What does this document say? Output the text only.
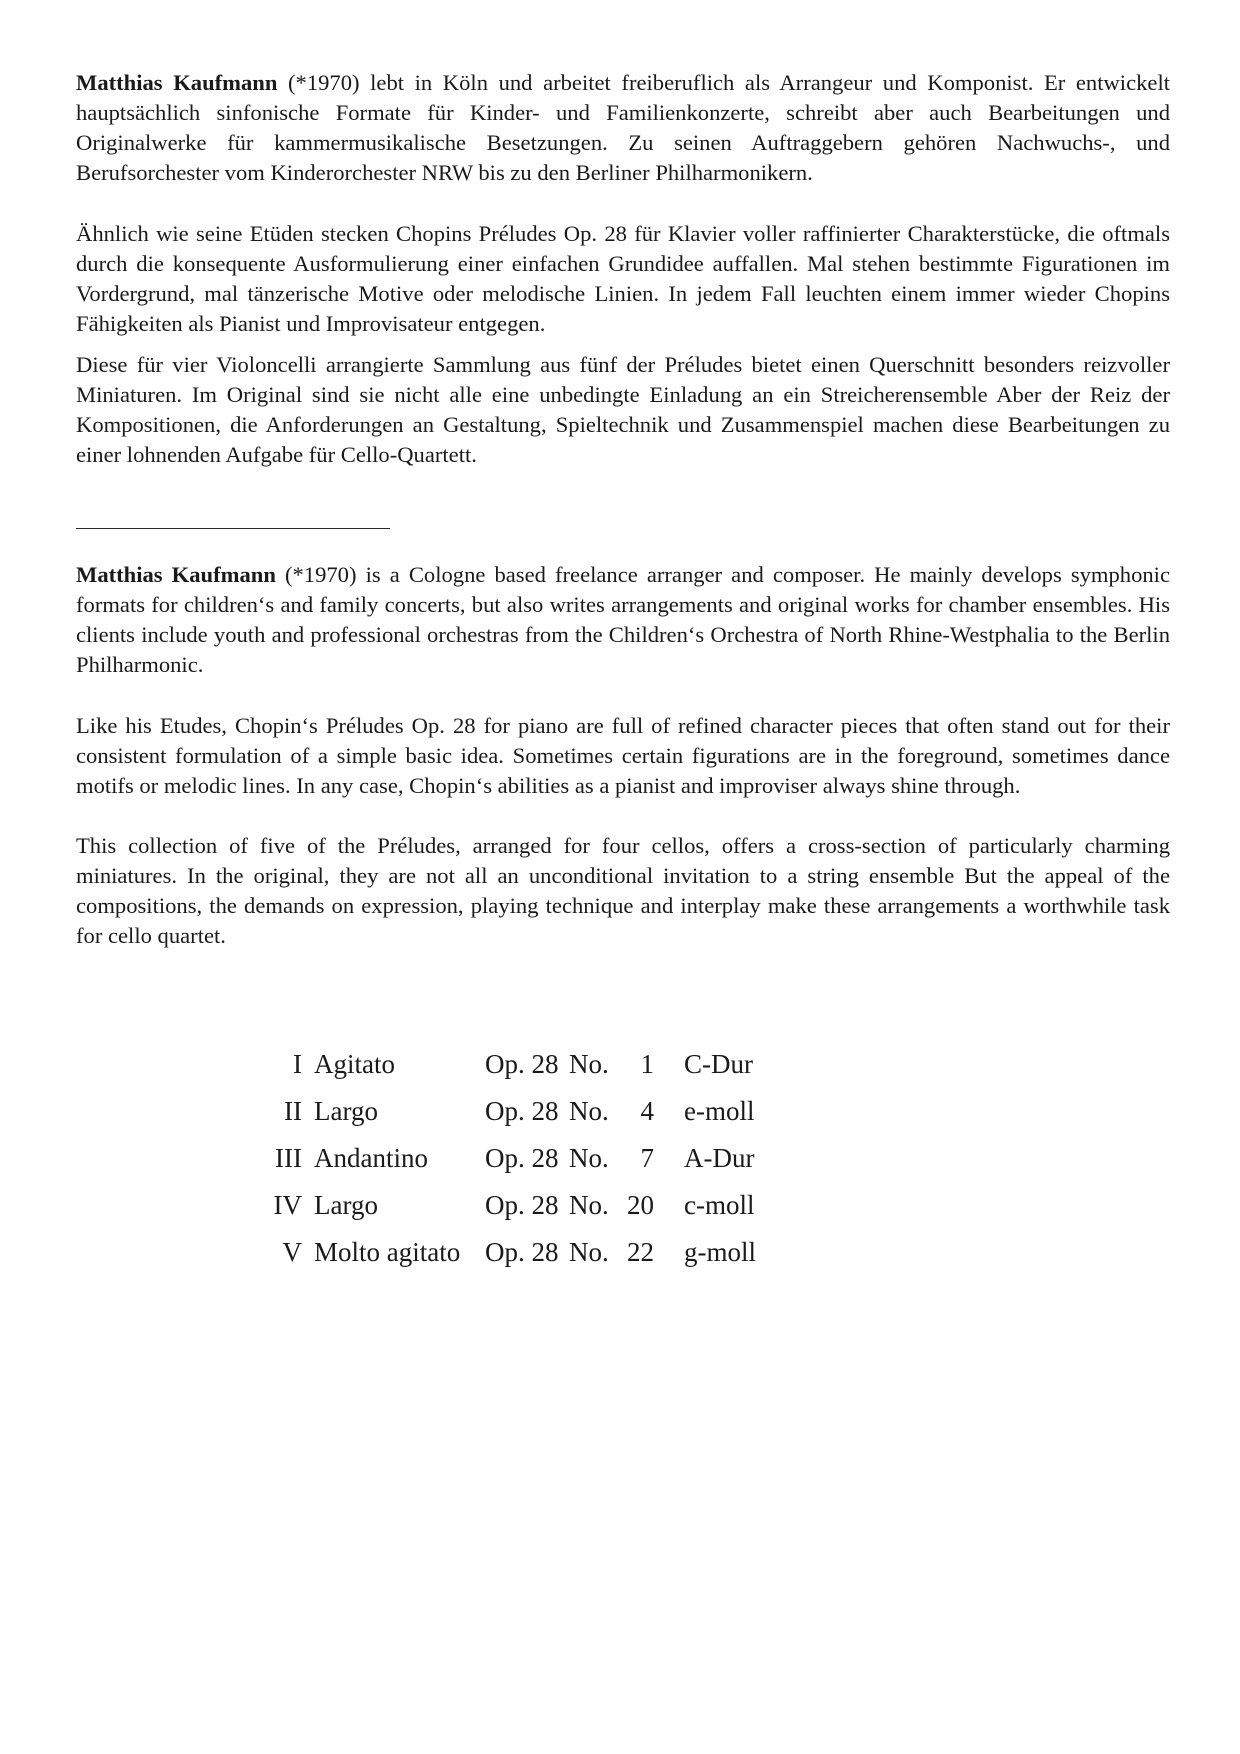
Matthias Kaufmann (*1970) lebt in Köln und arbeitet freiberuflich als Arrangeur und Komponist. Er entwickelt hauptsächlich sinfonische Formate für Kinder- und Familienkonzerte, schreibt aber auch Bearbeitungen und Originalwerke für kammermusikalische Besetzungen. Zu seinen Auftraggebern gehören Nachwuchs-, und Berufsorchester vom Kinderorchester NRW bis zu den Berliner Philharmonikern.

Ähnlich wie seine Etüden stecken Chopins Préludes Op. 28 für Klavier voller raffinierter Charakterstücke, die oftmals durch die konsequente Ausformulierung einer einfachen Grundidee auffallen. Mal stehen bestimmte Figurationen im Vordergrund, mal tänzerische Motive oder melodische Linien. In jedem Fall leuchten einem immer wieder Chopins Fähigkeiten als Pianist und Improvisateur entgegen.

Diese für vier Violoncelli arrangierte Sammlung aus fünf der Préludes bietet einen Querschnitt besonders reizvoller Miniaturen. Im Original sind sie nicht alle eine unbedingte Einladung an ein Streicherensemble Aber der Reiz der Kompositionen, die Anforderungen an Gestaltung, Spieltechnik und Zusammenspiel machen diese Bearbeitungen zu einer lohnenden Aufgabe für Cello-Quartett.

Matthias Kaufmann (*1970) is a Cologne based freelance arranger and composer. He mainly develops symphonic formats for children‘s and family concerts, but also writes arrangements and original works for chamber ensembles. His clients include youth and professional orchestras from the Children‘s Orchestra of North Rhine-Westphalia to the Berlin Philharmonic.

Like his Etudes, Chopin‘s Préludes Op. 28 for piano are full of refined character pieces that often stand out for their consistent formulation of a simple basic idea. Sometimes certain figurations are in the foreground, sometimes dance motifs or melodic lines. In any case, Chopin‘s abilities as a pianist and improviser always shine through.

This collection of five of the Préludes, arranged for four cellos, offers a cross-section of particularly charming miniatures. In the original, they are not all an unconditional invitation to a string ensemble But the appeal of the compositions, the demands on expression, playing technique and interplay make these arrangements a worthwhile task for cello quartet.

I Agitato	Op. 28 No.	1	C-Dur
II Largo	Op. 28 No.	4	e-moll
III Andantino	Op. 28 No.	7	A-Dur
IV Largo	Op. 28 No. 20	c-moll
V Molto agitato Op. 28 No. 22	g-moll
